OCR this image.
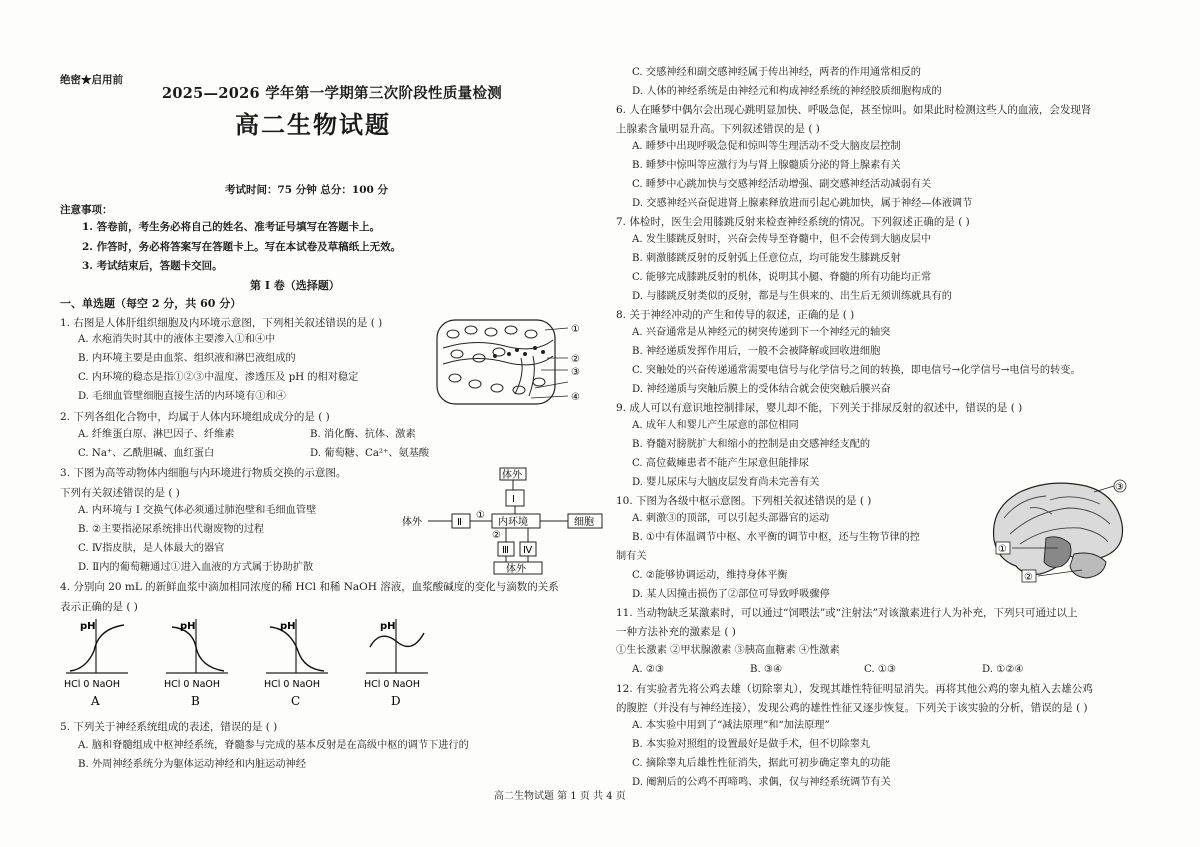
绝密★启用前
2025—2026 学年第一学期第三次阶段性质量检测
高二生物试题
考试时间：75 分钟 总分：100 分
注意事项：
1. 答卷前，考生务必将自己的姓名、准考证号填写在答题卡上。
2. 作答时，务必将答案写在答题卡上。写在本试卷及草稿纸上无效。
3. 考试结束后，答题卡交回。
第 I 卷（选择题）
一、单选题（每空 2 分，共 60 分）
1. 右图是人体肝组织细胞及内环境示意图，下列相关叙述错误的是 ( )
A. 水疱消失时其中的液体主要渗入①和④中
B. 内环境主要是由血浆、组织液和淋巴液组成的
C. 内环境的稳态是指①②③中温度、渗透压及 pH 的相对稳定
D. 毛细血管壁细胞直接生活的内环境有①和④
①
②
③
④
2. 下列各组化合物中，均属于人体内环境组成成分的是 ( )
A. 纤维蛋白原、淋巴因子、纤维素	B. 消化酶、抗体、激素
C. Na⁺、乙酰胆碱、血红蛋白	D. 葡萄糖、Ca²⁺、氨基酸
3. 下图为高等动物体内细胞与内环境进行物质交换的示意图。
下列有关叙述错误的是 ( )
A. 内环境与 I 交换气体必须通过肺泡壁和毛细血管壁
B. ②主要指泌尿系统排出代谢废物的过程
C. Ⅳ指皮肤，是人体最大的器官
D. Ⅱ内的葡萄糖通过①进入血液的方式属于协助扩散
体外
体外
Ⅰ
Ⅱ	内环境	细胞
Ⅲ Ⅳ
①
②
体外
4. 分别向 20 mL 的新鲜血浆中滴加相同浓度的稀 HCl 和稀 NaOH 溶液，血浆酸碱度的变化与滴数的关系
表示正确的是 ( )
pH
HCl 0 NaOH
A
pH
HCl 0 NaOH
B
pH
HCl 0 NaOH
C
pH
HCl 0 NaOH
D
5. 下列关于神经系统组成的表述，错误的是 ( )
A. 脑和脊髓组成中枢神经系统，脊髓参与完成的基本反射是在高级中枢的调节下进行的
B. 外周神经系统分为躯体运动神经和内脏运动神经
C. 交感神经和副交感神经属于传出神经，两者的作用通常相反的
D. 人体的神经系统是由神经元和构成神经系统的神经胶质细胞构成的
6. 人在睡梦中偶尔会出现心跳明显加快、呼吸急促，甚至惊叫。如果此时检测这些人的血液，会发现肾
上腺素含量明显升高。下列叙述错误的是 ( )
A. 睡梦中出现呼吸急促和惊叫等生理活动不受大脑皮层控制
B. 睡梦中惊叫等应激行为与肾上腺髓质分泌的肾上腺素有关
C. 睡梦中心跳加快与交感神经活动增强、副交感神经活动减弱有关
D. 交感神经兴奋促进肾上腺素释放进而引起心跳加快，属于神经—体液调节
7. 体检时，医生会用膝跳反射来检查神经系统的情况。下列叙述正确的是 ( )
A. 发生膝跳反射时，兴奋会传导至脊髓中，但不会传到大脑皮层中
B. 刺激膝跳反射的反射弧上任意位点，均可能发生膝跳反射
C. 能够完成膝跳反射的机体，说明其小腿、脊髓的所有功能均正常
D. 与膝跳反射类似的反射，都是与生俱来的、出生后无须训练就具有的
8. 关于神经冲动的产生和传导的叙述，正确的是 ( )
A. 兴奋通常是从神经元的树突传递到下一个神经元的轴突
B. 神经递质发挥作用后，一般不会被降解或回收进细胞
C. 突触处的兴奋传递通常需要电信号与化学信号之间的转换，即电信号→化学信号→电信号的转变。
D. 神经递质与突触后膜上的受体结合就会使突触后膜兴奋
9. 成人可以有意识地控制排尿，婴儿却不能，下列关于排尿反射的叙述中，错误的是 ( )
A. 成年人和婴儿产生尿意的部位相同
B. 脊髓对膀胱扩大和缩小的控制是由交感神经支配的
C. 高位截瘫患者不能产生尿意但能排尿
D. 婴儿尿床与大脑皮层发育尚未完善有关
10. 下图为各级中枢示意图。下列相关叙述错误的是 ( )
A. 刺激③的顶部，可以引起头部器官的运动
B. ①中有体温调节中枢、水平衡的调节中枢，还与生物节律的控
制有关
C. ②能够协调运动，维持身体平衡
D. 某人因撞击损伤了②部位可导致呼吸骤停
③
①
②
11. 当动物缺乏某激素时，可以通过“饲喂法”或“注射法”对该激素进行人为补充，下列只可通过以上
一种方法补充的激素是 ( )
①生长激素 ②甲状腺激素 ③胰高血糖素 ④性激素
A. ②③	B. ③④	C. ①③	D. ①②④
12. 有实验者先将公鸡去雄（切除睾丸），发现其雄性特征明显消失。再将其他公鸡的睾丸植入去雄公鸡
的腹腔（并没有与神经连接），发现公鸡的雄性性征又逐步恢复。下列关于该实验的分析，错误的是 ( )
A. 本实验中用到了“减法原理”和“加法原理”
B. 本实验对照组的设置最好是做手术，但不切除睾丸
C. 摘除睾丸后雄性性征消失，据此可初步确定睾丸的功能
D. 阉割后的公鸡不再啼鸣、求偶，仅与神经系统调节有关
高二生物试题 第 1 页 共 4 页
